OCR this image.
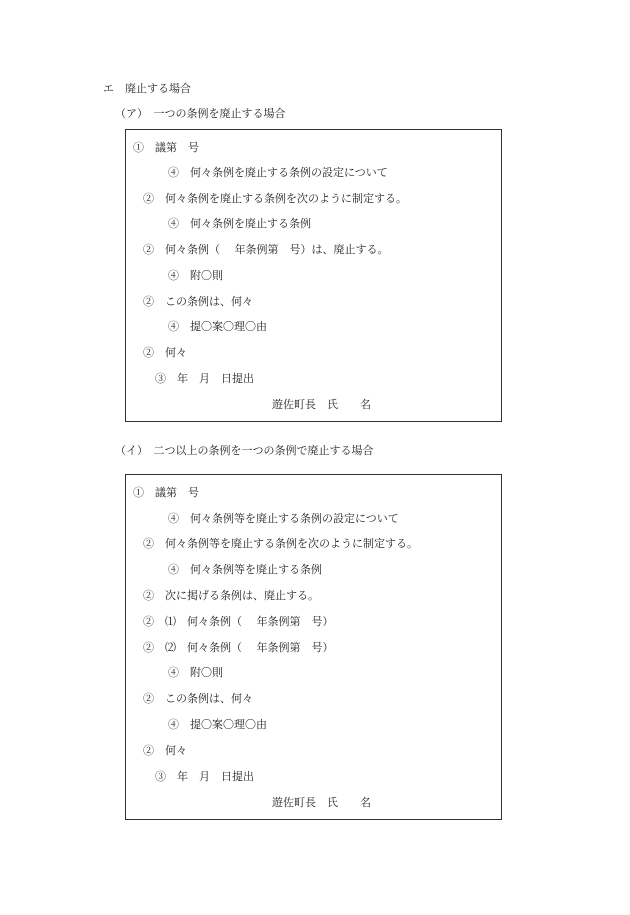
エ　廃止する場合
（ア）　一つの条例を廃止する場合
①　議第　号
④　何々条例を廃止する条例の設定について
②　何々条例を廃止する条例を次のように制定する。
④　何々条例を廃止する条例
②　何々条例（　 年条例第　号）は、廃止する。
④　附〇則
②　この条例は、何々
④　提〇案〇理〇由
②　何々
③　年　月　日提出
遊佐町長　氏　　名
（イ）　二つ以上の条例を一つの条例で廃止する場合
①　議第　号
④　何々条例等を廃止する条例の設定について
②　何々条例等を廃止する条例を次のように制定する。
④　何々条例等を廃止する条例
②　次に掲げる条例は、廃止する。
②　⑴　何々条例（　 年条例第　号）
②　⑵　何々条例（　 年条例第　号）
④　附〇則
②　この条例は、何々
④　提〇案〇理〇由
②　何々
③　年　月　日提出
遊佐町長　氏　　名
